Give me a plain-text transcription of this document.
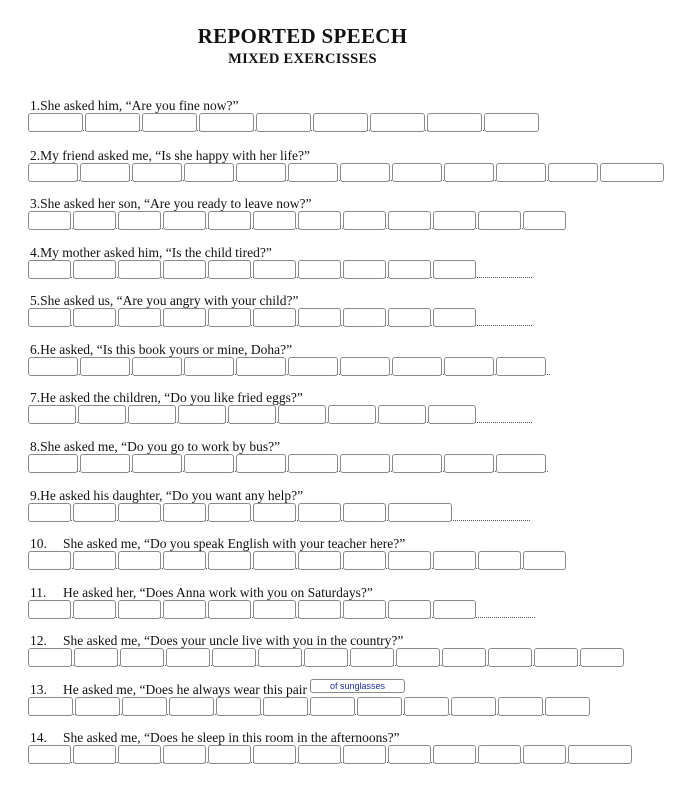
REPORTED SPEECH
MIXED EXERCISSES
1.She asked him, “Are you fine now?”
2.My friend asked me, “Is she happy with her life?”
3.She asked her son, “Are you ready to leave now?”
4.My mother asked him, “Is the child tired?”
5.She asked us, “Are you angry with your child?”
6.He asked, “Is this book yours or mine, Doha?”
7.He asked the children, “Do you like fried eggs?”
8.She asked me, “Do you go to work by bus?”
9.He asked his daughter, “Do you want any help?”
10.She asked me, “Do you speak English with your teacher here?”
11.He asked her, “Does Anna work with you on Saturdays?”
12.She asked me, “Does your uncle live with you in the country?”
13.He asked me, “Does he always wear this pair	of sunglasses
14.She asked me, “Does he sleep in this room in the afternoons?”
